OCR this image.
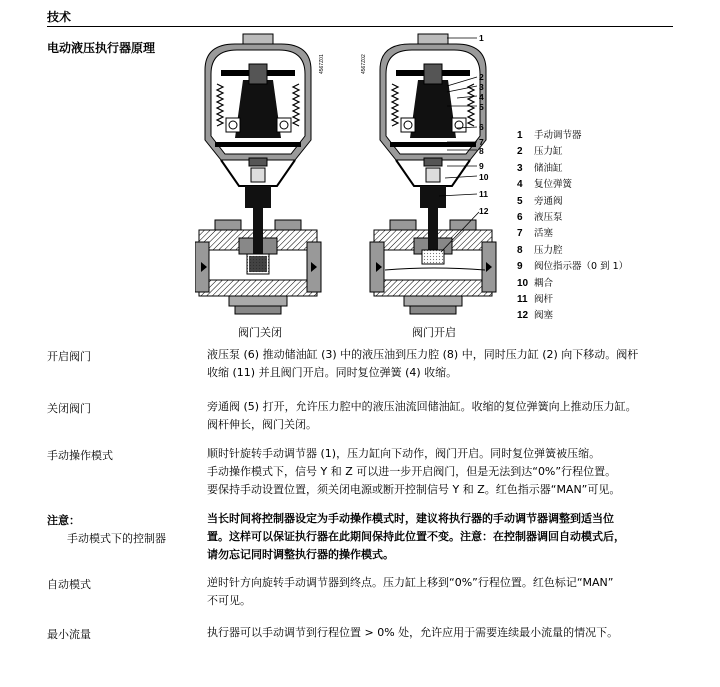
技术
电动液压执行器原理
4567Z01	4567Z02
1
2
3
4
5
6
7
8
9
10
11
12
阀门关闭	阀门开启
1 手动调节器
2 压力缸
3 储油缸
4 复位弹簧
5 旁通阀
6 液压泵
7 活塞
8 压力腔
9 阀位指示器（0 到 1）
10 耦合
11 阀杆
12 阀塞
开启阀门	液压泵 (6) 推动储油缸 (3) 中的液压油到压力腔 (8) 中，同时压力缸 (2) 向下移动。阀杆
收缩 (11) 并且阀门开启。同时复位弹簧 (4) 收缩。
关闭阀门	旁通阀 (5) 打开，允许压力腔中的液压油流回储油缸。收缩的复位弹簧向上推动压力缸。
阀杆伸长，阀门关闭。
手动操作模式	顺时针旋转手动调节器 (1)，压力缸向下动作，阀门开启。同时复位弹簧被压缩。
手动操作模式下，信号 Y 和 Z 可以进一步开启阀门，但是无法到达“0%”行程位置。
要保持手动设置位置，须关闭电源或断开控制信号 Y 和 Z。红色指示器“MAN”可见。
注意：
手动模式下的控制器
当长时间将控制器设定为手动操作模式时，建议将执行器的手动调节器调整到适当位
置。这样可以保证执行器在此期间保持此位置不变。注意：在控制器调回自动模式后，
请勿忘记同时调整执行器的操作模式。
自动模式	逆时针方向旋转手动调节器到终点。压力缸上移到“0%”行程位置。红色标记“MAN”
不可见。
最小流量	执行器可以手动调节到行程位置 > 0% 处，允许应用于需要连续最小流量的情况下。
